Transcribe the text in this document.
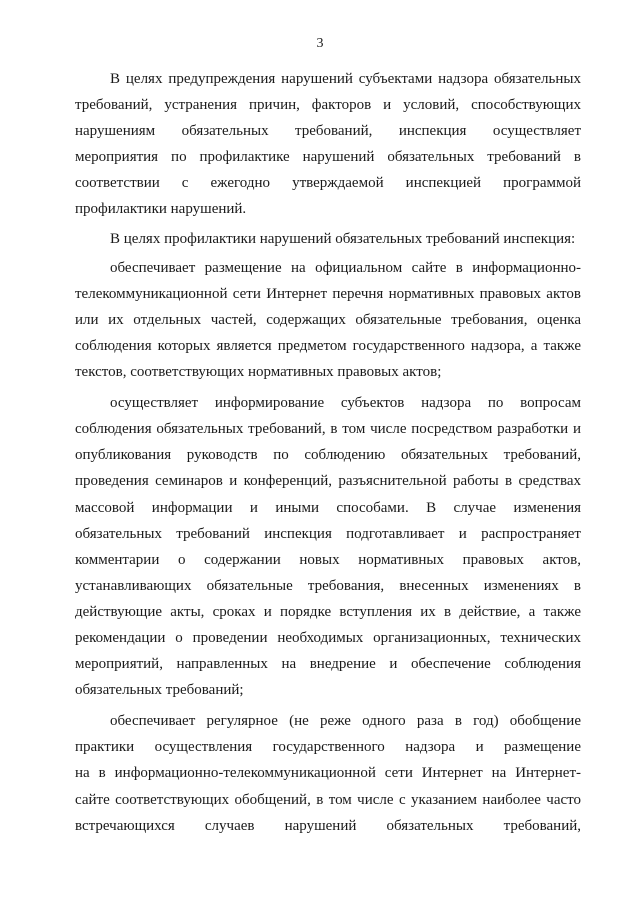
3
В целях предупреждения нарушений субъектами надзора обязательных
требований, устранения причин, факторов и условий, способствующих
нарушениям обязательных требований, инспекция осуществляет
мероприятия по профилактике нарушений обязательных требований в
соответствии с ежегодно утверждаемой инспекцией программой
профилактики нарушений.
В целях профилактики нарушений обязательных требований инспекция:
обеспечивает размещение на официальном сайте в информационно-
телекоммуникационной сети Интернет перечня нормативных правовых актов
или их отдельных частей, содержащих обязательные требования, оценка
соблюдения которых является предметом государственного надзора, а также
текстов, соответствующих нормативных правовых актов;
осуществляет информирование субъектов надзора по вопросам
соблюдения обязательных требований, в том числе посредством разработки и
опубликования руководств по соблюдению обязательных требований,
проведения семинаров и конференций, разъяснительной работы в средствах
массовой информации и иными способами. В случае изменения
обязательных требований инспекция подготавливает и распространяет
комментарии о содержании новых нормативных правовых актов,
устанавливающих обязательные требования, внесенных изменениях в
действующие акты, сроках и порядке вступления их в действие, а также
рекомендации о проведении необходимых организационных, технических
мероприятий, направленных на внедрение и обеспечение соблюдения
обязательных требований;
обеспечивает регулярное (не реже одного раза в год) обобщение
практики осуществления государственного надзора и размещение
на в информационно-телекоммуникационной сети Интернет на Интернет-
сайте соответствующих обобщений, в том числе с указанием наиболее часто
встречающихся случаев нарушений обязательных требований,
